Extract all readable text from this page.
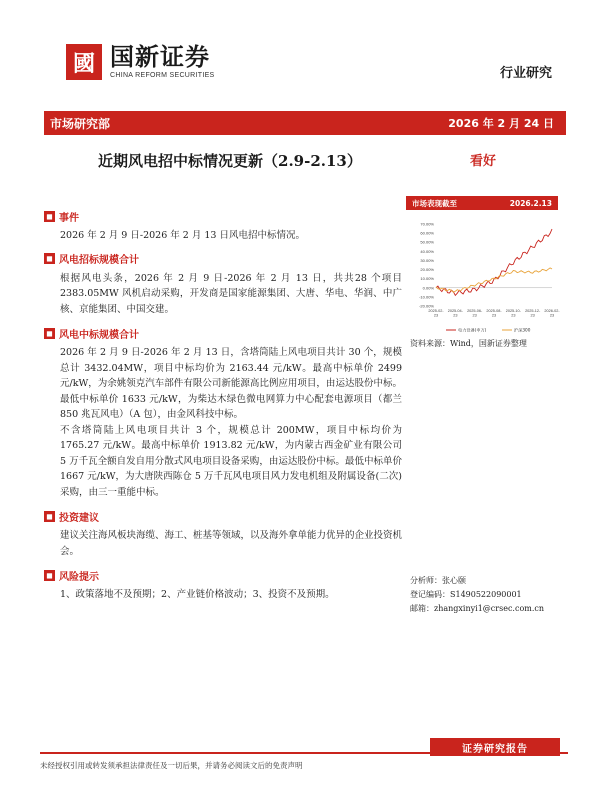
國 国新证券
CHINA REFORM SECURITIES	行业研究
市场研究部	2026 年 2 月 24 日
近期风电招中标情况更新（2.9-2.13）	看好
◼ 事件

2026 年 2 月 9 日-2026 年 2 月 13 日风电招中标情况。

◼ 风电招标规模合计

根据风电头条，2026 年 2 月 9 日-2026 年 2 月 13 日，共共28 个项目2383.05MW 风机启动采购，开发商是国家能源集团、大唐、华电、华润、中广核、京能集团、中国交建。

◼ 风电中标规模合计

2026 年 2 月 9 日-2026 年 2 月 13 日，含塔筒陆上风电项目共计 30 个，规模总计 3432.04MW，项目中标均价为 2163.44 元/kW。最高中标单价 2499 元/kW，为余姚领克汽车部件有限公司新能源高比例应用项目，由运达股份中标。最低中标单价 1633 元/kW，为柴达木绿色微电网算力中心配套电源项目（都兰 850 兆瓦风电）（A 包），由金风科技中标。

不含塔筒陆上风电项目共计 3 个，规模总计 200MW，项目中标均价为 1765.27 元/kW。最高中标单价 1913.82 元/kW，为内蒙古西金矿业有限公司 5 万千瓦全额自发自用分散式风电项目设备采购，由运达股份中标。最低中标单价 1667 元/kW，为大唐陕西陈仓 5 万千瓦风电项目风力发电机组及附属设备(二次)采购，由三一重能中标。

◼ 投资建议

建议关注海风板块海缆、海工、桩基等领域，以及海外拿单能力优异的企业投资机会。

◼ 风险提示

1、政策落地不及预期；2、产业链价格波动；3、投资不及预期。

市场表现截至	2026.2.13
70.00%
60.00%
50.00%
40.00%
30.00%
20.00%
10.00%
0.00%
-10.00%
-20.00%
2025-02-
23
2025-04-
23
2025-06-
23
2025-08-
23
2025-10-
23
2025-12-
23
2026-02-
23
电力设备(申万)	沪深300
资料来源：Wind，国新证券整理
分析师：张心颐
登记编码：S1490522090001
邮箱：zhangxinyi1@crsec.com.cn
证券研究报告
未经授权引用或转发须承担法律责任及一切后果，并请务必阅读文后的免责声明
